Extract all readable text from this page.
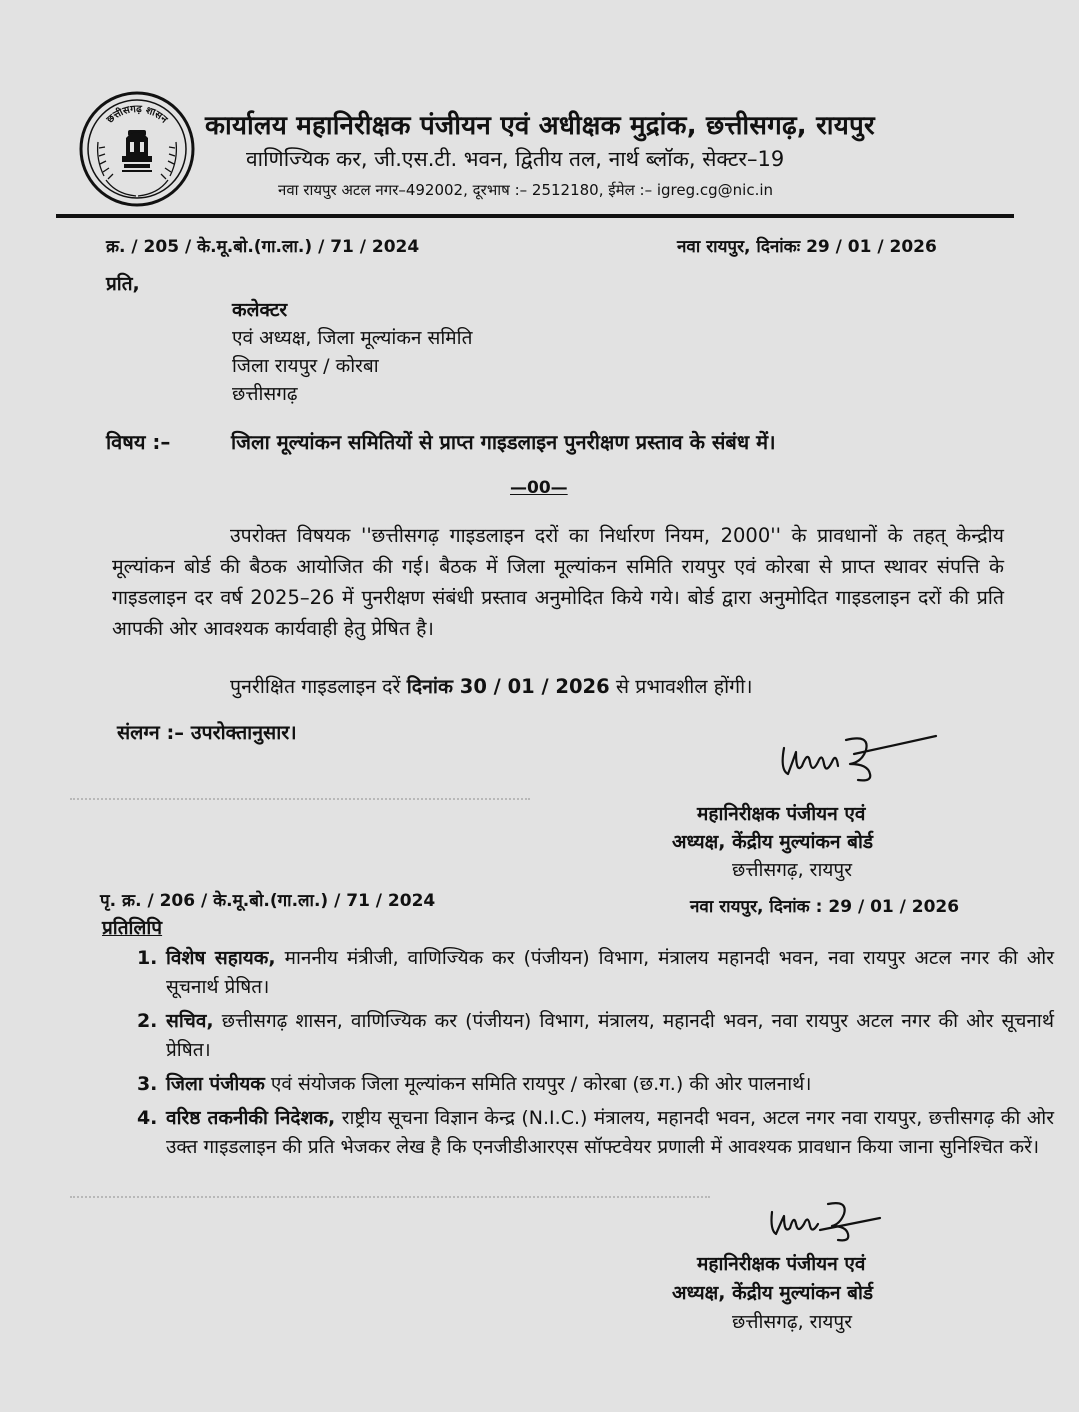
छत्तीसगढ़ शासन कार्यालय महानिरीक्षक पंजीयन एवं अधीक्षक मुद्रांक, छत्तीसगढ़, रायपुर
वाणिज्यिक कर, जी.एस.टी. भवन, द्वितीय तल, नार्थ ब्लॉक, सेक्टर–19
नवा रायपुर अटल नगर–492002, दूरभाष :– 2512180, ईमेल :– igreg.cg@nic.in
क्र. / 205 / के.मू.बो.(गा.ला.) / 71 / 2024	नवा रायपुर, दिनांकः 29 / 01 / 2026
प्रति,
कलेक्टर
एवं अध्यक्ष, जिला मूल्यांकन समिति
जिला रायपुर / कोरबा
छत्तीसगढ़
विषय :–	जिला मूल्यांकन समितियों से प्राप्त गाइडलाइन पुनरीक्षण प्रस्ताव के संबंध में।
—00—
उपरोक्त विषयक ''छत्तीसगढ़ गाइडलाइन दरों का निर्धारण नियम, 2000'' के प्रावधानों के तहत् केन्द्रीय मूल्यांकन बोर्ड की बैठक आयोजित की गई। बैठक में जिला मूल्यांकन समिति रायपुर एवं कोरबा से प्राप्त स्थावर संपत्ति के गाइडलाइन दर वर्ष 2025–26 में पुनरीक्षण संबंधी प्रस्ताव अनुमोदित किये गये। बोर्ड द्वारा अनुमोदित गाइडलाइन दरों की प्रति आपकी ओर आवश्यक कार्यवाही हेतु प्रेषित है।
पुनरीक्षित गाइडलाइन दरें दिनांक 30 / 01 / 2026 से प्रभावशील होंगी।
संलग्न :– उपरोक्तानुसार।
महानिरीक्षक पंजीयन एवं
अध्यक्ष, केंद्रीय मुल्यांकन बोर्ड
छत्तीसगढ़, रायपुर
पृ. क्र. / 206 / के.मू.बो.(गा.ला.) / 71 / 2024	नवा रायपुर, दिनांक : 29 / 01 / 2026
प्रतिलिपि
1. विशेष सहायक, माननीय मंत्रीजी, वाणिज्यिक कर (पंजीयन) विभाग, मंत्रालय महानदी भवन, नवा रायपुर अटल नगर की ओर सूचनार्थ प्रेषित।
2. सचिव, छत्तीसगढ़ शासन, वाणिज्यिक कर (पंजीयन) विभाग, मंत्रालय, महानदी भवन, नवा रायपुर अटल नगर की ओर सूचनार्थ प्रेषित।
3. जिला पंजीयक एवं संयोजक जिला मूल्यांकन समिति रायपुर / कोरबा (छ.ग.) की ओर पालनार्थ।
4. वरिष्ठ तकनीकी निदेशक, राष्ट्रीय सूचना विज्ञान केन्द्र (N.I.C.) मंत्रालय, महानदी भवन, अटल नगर नवा रायपुर, छत्तीसगढ़ की ओर उक्त गाइडलाइन की प्रति भेजकर लेख है कि एनजीडीआरएस सॉफ्टवेयर प्रणाली में आवश्यक प्रावधान किया जाना सुनिश्चित करें।
महानिरीक्षक पंजीयन एवं
अध्यक्ष, केंद्रीय मुल्यांकन बोर्ड
छत्तीसगढ़, रायपुर
